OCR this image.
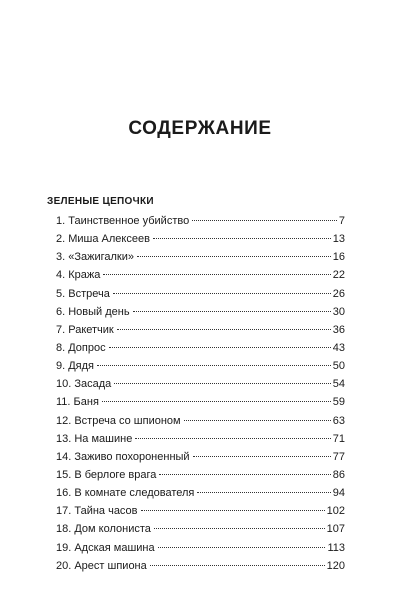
СОДЕРЖАНИЕ
ЗЕЛЕНЫЕ ЦЕПОЧКИ
1. Таинственное убийство	7
2. Миша Алексеев	13
3. «Зажигалки»	16
4. Кража	22
5. Встреча	26
6. Новый день	30
7. Ракетчик	36
8. Допрос	43
9. Дядя	50
10. Засада	54
11. Баня	59
12. Встреча со шпионом	63
13. На машине	71
14. Заживо похороненный	77
15. В берлоге врага	86
16. В комнате следователя	94
17. Тайна часов	102
18. Дом колониста	107
19. Адская машина	113
20. Арест шпиона	120
